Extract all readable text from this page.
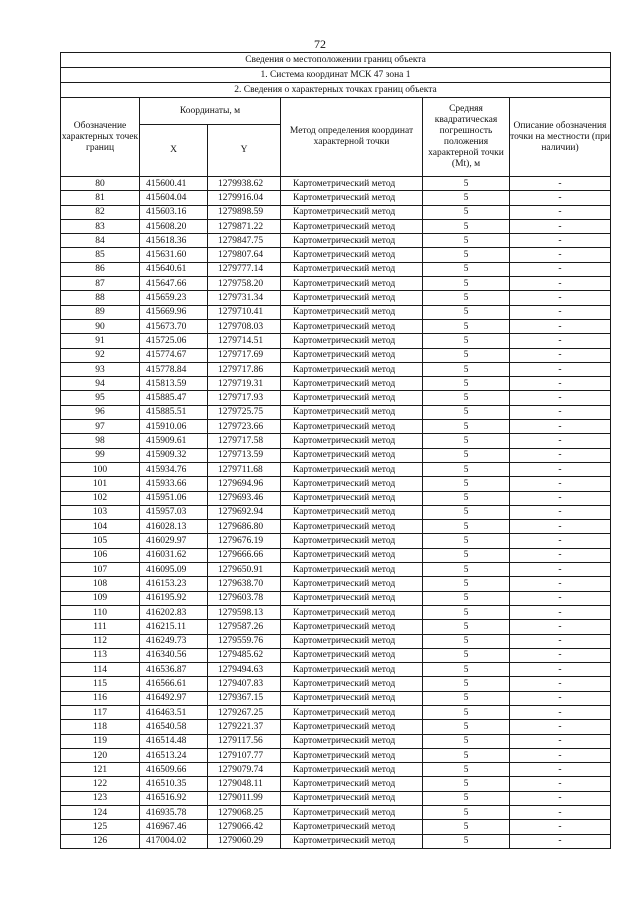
72
Сведения о местоположении границ объекта					
1. Система координат МСК 47 зона 1					
2. Сведения о характерных точках границ объекта					
Обозначение характерных точек границ	Координаты, м		Метод определения координат характерной точки	Средняя квадратическая погрешность положения характерной точки (Mt), м	Описание обозначения точки на местности (при наличии)
	X	Y			
80	415600.41	1279938.62	Картометрический метод	5	-
81	415604.04	1279916.04	Картометрический метод	5	-
82	415603.16	1279898.59	Картометрический метод	5	-
83	415608.20	1279871.22	Картометрический метод	5	-
84	415618.36	1279847.75	Картометрический метод	5	-
85	415631.60	1279807.64	Картометрический метод	5	-
86	415640.61	1279777.14	Картометрический метод	5	-
87	415647.66	1279758.20	Картометрический метод	5	-
88	415659.23	1279731.34	Картометрический метод	5	-
89	415669.96	1279710.41	Картометрический метод	5	-
90	415673.70	1279708.03	Картометрический метод	5	-
91	415725.06	1279714.51	Картометрический метод	5	-
92	415774.67	1279717.69	Картометрический метод	5	-
93	415778.84	1279717.86	Картометрический метод	5	-
94	415813.59	1279719.31	Картометрический метод	5	-
95	415885.47	1279717.93	Картометрический метод	5	-
96	415885.51	1279725.75	Картометрический метод	5	-
97	415910.06	1279723.66	Картометрический метод	5	-
98	415909.61	1279717.58	Картометрический метод	5	-
99	415909.32	1279713.59	Картометрический метод	5	-
100	415934.76	1279711.68	Картометрический метод	5	-
101	415933.66	1279694.96	Картометрический метод	5	-
102	415951.06	1279693.46	Картометрический метод	5	-
103	415957.03	1279692.94	Картометрический метод	5	-
104	416028.13	1279686.80	Картометрический метод	5	-
105	416029.97	1279676.19	Картометрический метод	5	-
106	416031.62	1279666.66	Картометрический метод	5	-
107	416095.09	1279650.91	Картометрический метод	5	-
108	416153.23	1279638.70	Картометрический метод	5	-
109	416195.92	1279603.78	Картометрический метод	5	-
110	416202.83	1279598.13	Картометрический метод	5	-
111	416215.11	1279587.26	Картометрический метод	5	-
112	416249.73	1279559.76	Картометрический метод	5	-
113	416340.56	1279485.62	Картометрический метод	5	-
114	416536.87	1279494.63	Картометрический метод	5	-
115	416566.61	1279407.83	Картометрический метод	5	-
116	416492.97	1279367.15	Картометрический метод	5	-
117	416463.51	1279267.25	Картометрический метод	5	-
118	416540.58	1279221.37	Картометрический метод	5	-
119	416514.48	1279117.56	Картометрический метод	5	-
120	416513.24	1279107.77	Картометрический метод	5	-
121	416509.66	1279079.74	Картометрический метод	5	-
122	416510.35	1279048.11	Картометрический метод	5	-
123	416516.92	1279011.99	Картометрический метод	5	-
124	416935.78	1279068.25	Картометрический метод	5	-
125	416967.46	1279066.42	Картометрический метод	5	-
126	417004.02	1279060.29	Картометрический метод	5	-
